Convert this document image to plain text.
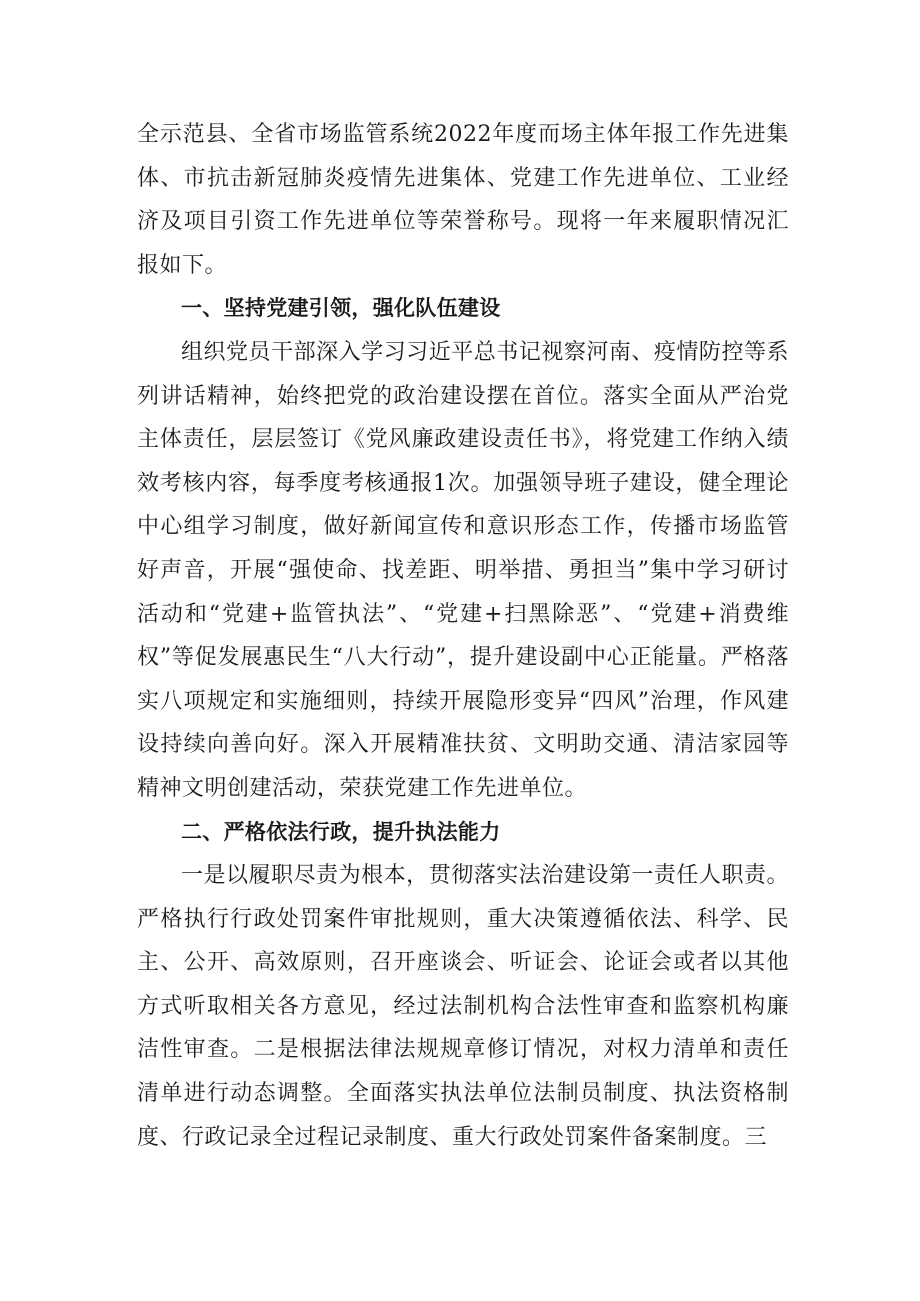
全示范县、全省市场监管系统2022年度而场主体年报工作先进集体、市抗击新冠肺炎疫情先进集体、党建工作先进单位、工业经济及项目引资工作先进单位等荣誉称号。现将一年来履职情况汇报如下。

一、坚持党建引领，强化队伍建设

组织党员干部深入学习习近平总书记视察河南、疫情防控等系列讲话精神，始终把党的政治建设摆在首位。落实全面从严治党主体责任，层层签订《党风廉政建设责任书》，将党建工作纳入绩效考核内容，每季度考核通报1次。加强领导班子建设，健全理论中心组学习制度，做好新闻宣传和意识形态工作，传播市场监管好声音，开展“强使命、找差距、明举措、勇担当”集中学习研讨活动和“党建+监管执法”、“党建+扫黑除恶”、“党建+消费维权”等促发展惠民生“八大行动”，提升建设副中心正能量。严格落实八项规定和实施细则，持续开展隐形变异“四风”治理，作风建设持续向善向好。深入开展精准扶贫、文明助交通、清洁家园等精神文明创建活动，荣获党建工作先进单位。

二、严格依法行政，提升执法能力

一是以履职尽责为根本，贯彻落实法治建设第一责任人职责。严格执行行政处罚案件审批规则，重大决策遵循依法、科学、民主、公开、高效原则，召开座谈会、听证会、论证会或者以其他方式听取相关各方意见，经过法制机构合法性审查和监察机构廉洁性审查。二是根据法律法规规章修订情况，对权力清单和责任清单进行动态调整。全面落实执法单位法制员制度、执法资格制度、行政记录全过程记录制度、重大行政处罚案件备案制度。三
